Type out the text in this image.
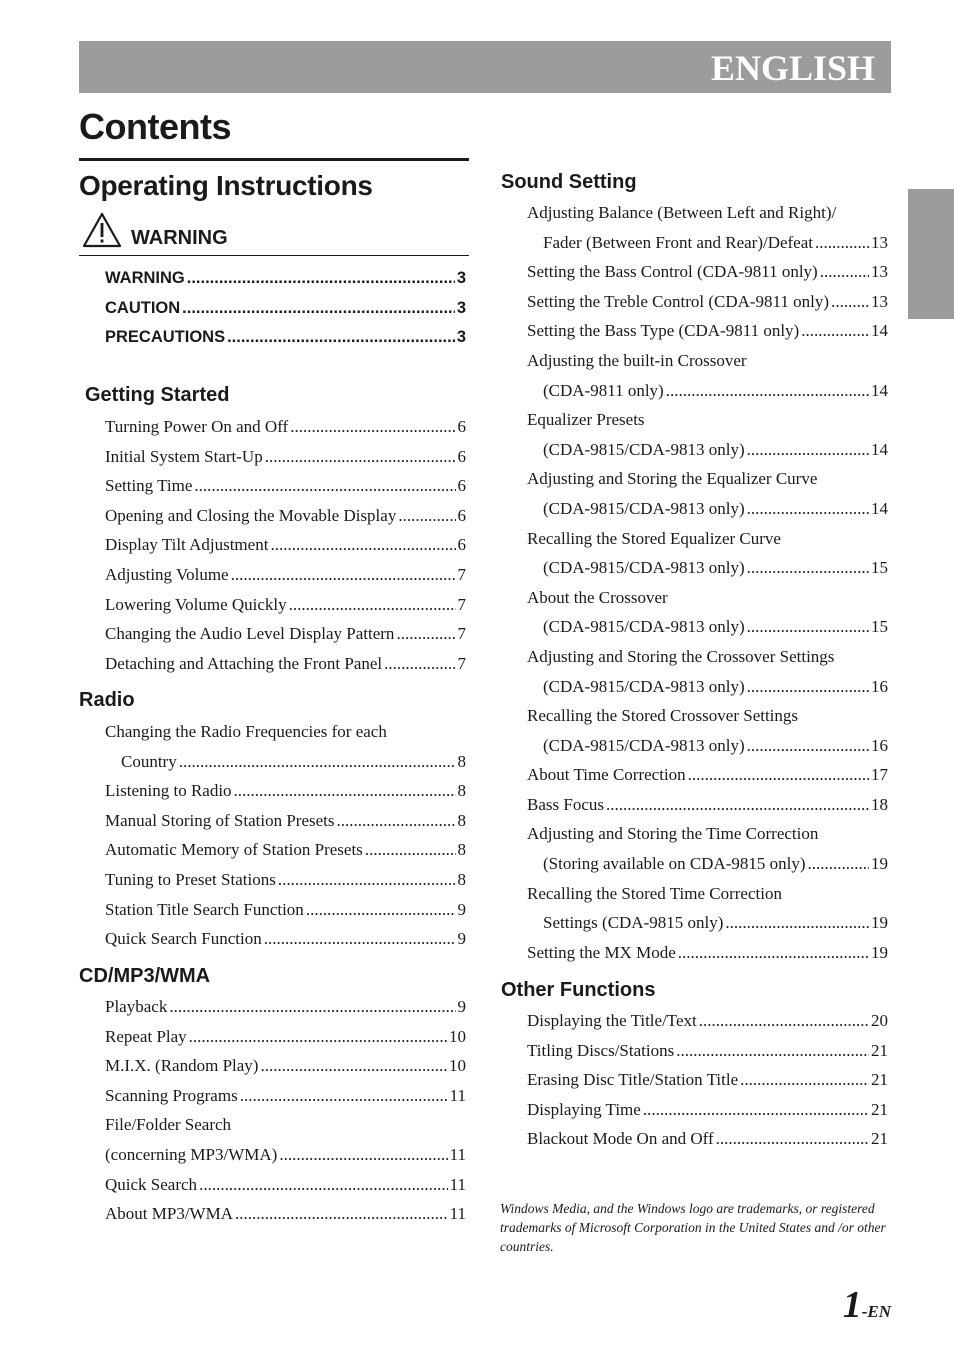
ENGLISH
Contents
Operating Instructions
WARNING
WARNING .....	3
CAUTION .....	3
PRECAUTIONS .....	3
Getting Started
Turning Power On and Off .....	6
Initial System Start-Up .....	6
Setting Time .....	6
Opening and Closing the Movable Display .....	6
Display Tilt Adjustment .....	6
Adjusting Volume .....	7
Lowering Volume Quickly .....	7
Changing the Audio Level Display Pattern .....	7
Detaching and Attaching the Front Panel .....	7
Radio
Changing the Radio Frequencies for each
Country .....	8
Listening to Radio .....	8
Manual Storing of Station Presets .....	8
Automatic Memory of Station Presets .....	8
Tuning to Preset Stations .....	8
Station Title Search Function .....	9
Quick Search Function .....	9
CD/MP3/WMA
Playback .....	9
Repeat Play .....	10
M.I.X. (Random Play) .....	10
Scanning Programs .....	11
File/Folder Search
(concerning MP3/WMA) .....	11
Quick Search .....	11
About MP3/WMA .....	11
Sound Setting
Adjusting Balance (Between Left and Right)/
Fader (Between Front and Rear)/Defeat .....	13
Setting the Bass Control (CDA-9811 only) .....	13
Setting the Treble Control (CDA-9811 only) ..... 13
Setting the Bass Type (CDA-9811 only) .....	14
Adjusting the built-in Crossover
(CDA-9811 only) .....	14
Equalizer Presets
(CDA-9815/CDA-9813 only) .....	14
Adjusting and Storing the Equalizer Curve
(CDA-9815/CDA-9813 only) .....	14
Recalling the Stored Equalizer Curve
(CDA-9815/CDA-9813 only) .....	15
About the Crossover
(CDA-9815/CDA-9813 only) .....	15
Adjusting and Storing the Crossover Settings
(CDA-9815/CDA-9813 only) .....	16
Recalling the Stored Crossover Settings
(CDA-9815/CDA-9813 only) .....	16
About Time Correction .....	17
Bass Focus .....	18
Adjusting and Storing the Time Correction
(Storing available on CDA-9815 only) .....	19
Recalling the Stored Time Correction
Settings (CDA-9815 only) .....	19
Setting the MX Mode .....	19
Other Functions
Displaying the Title/Text .....	20
Titling Discs/Stations .....	21
Erasing Disc Title/Station Title .....	21
Displaying Time .....	21
Blackout Mode On and Off .....	21
Windows Media, and the Windows logo are trademarks, or registered trademarks of Microsoft Corporation in the United States and /or other countries.
1-EN
